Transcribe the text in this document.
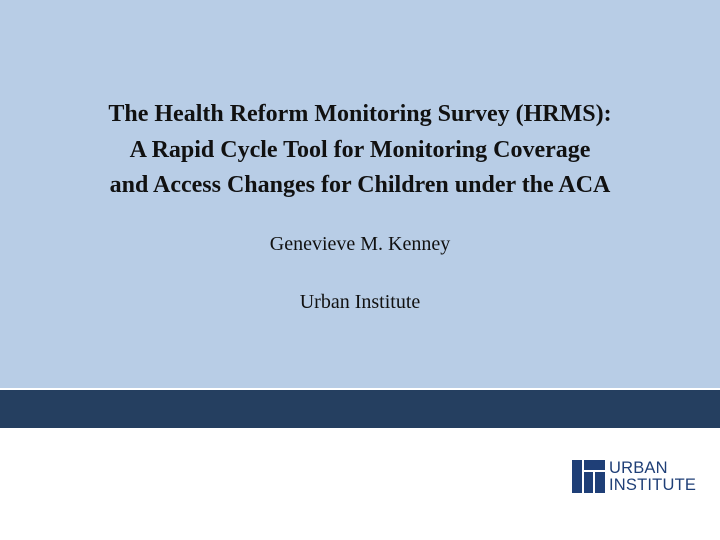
The Health Reform Monitoring Survey (HRMS):
A Rapid Cycle Tool for Monitoring Coverage
and Access Changes for Children under the ACA
Genevieve M. Kenney
Urban Institute
URBAN
INSTITUTE
